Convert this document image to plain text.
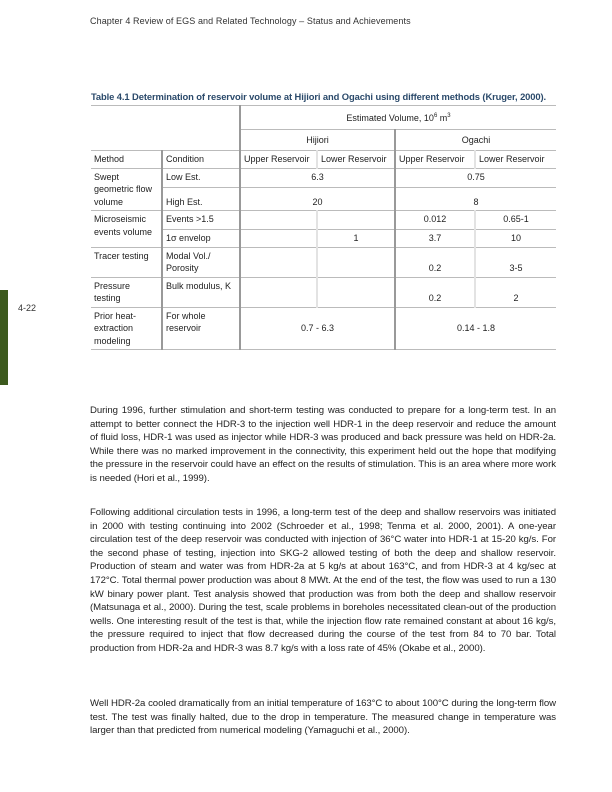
Chapter 4 Review of EGS and Related Technology – Status and Achievements
4-22
Table 4.1 Determination of reservoir volume at Hijiori and Ogachi using different methods (Kruger, 2000).
		Estimated Volume, $10^6$ $m^3$
		Hijiori		Ogachi	
Method	Condition	Upper Reservoir	Lower Reservoir	Upper Reservoir	Lower Reservoir
Swept geometric flow volume	Low Est.	6.3		0.75	
	High Est.	20		8	
Microseismic events volume	Events >1.5			0.012	0.65-1
	1σ envelop		1	3.7	10
Tracer testing	Modal Vol./ Porosity			0.2	3-5
Pressure testing	Bulk modulus, K			0.2	2
Prior heat-extraction modeling	For whole reservoir	0.7 - 6.3		0.14 - 1.8	

During 1996, further stimulation and short-term testing was conducted to prepare for a long-term test. In an attempt to better connect the HDR-3 to the injection well HDR-1 in the deep reservoir and reduce the amount of fluid loss, HDR-1 was used as injector while HDR-3 was produced and back pressure was held on HDR-2a. While there was no marked improvement in the connectivity, this experiment held out the hope that modifying the pressure in the reservoir could have an effect on the results of stimulation. This is an area where more work is needed (Hori et al., 1999).

Following additional circulation tests in 1996, a long-term test of the deep and shallow reservoirs was initiated in 2000 with testing continuing into 2002 (Schroeder et al., 1998; Tenma et al. 2000, 2001). A one-year circulation test of the deep reservoir was conducted with injection of 36°C water into HDR-1 at 15-20 kg/s. For the second phase of testing, injection into SKG-2 allowed testing of both the deep and shallow reservoir. Production of steam and water was from HDR-2a at 5 kg/s at about 163°C, and from HDR-3 at 4 kg/sec at 172°C. Total thermal power production was about 8 MWt. At the end of the test, the flow was used to run a 130 kW binary power plant. Test analysis showed that production was from both the deep and shallow reservoir (Matsunaga et al., 2000). During the test, scale problems in boreholes necessitated clean-out of the production wells. One interesting result of the test is that, while the injection flow rate remained constant at about 16 kg/s, the pressure required to inject that flow decreased during the course of the test from 84 to 70 bar. Total production from HDR-2a and HDR-3 was 8.7 kg/s with a loss rate of 45% (Okabe et al., 2000).

Well HDR-2a cooled dramatically from an initial temperature of 163°C to about 100°C during the long-term flow test. The test was finally halted, due to the drop in temperature. The measured change in temperature was larger than that predicted from numerical modeling (Yamaguchi et al., 2000).
